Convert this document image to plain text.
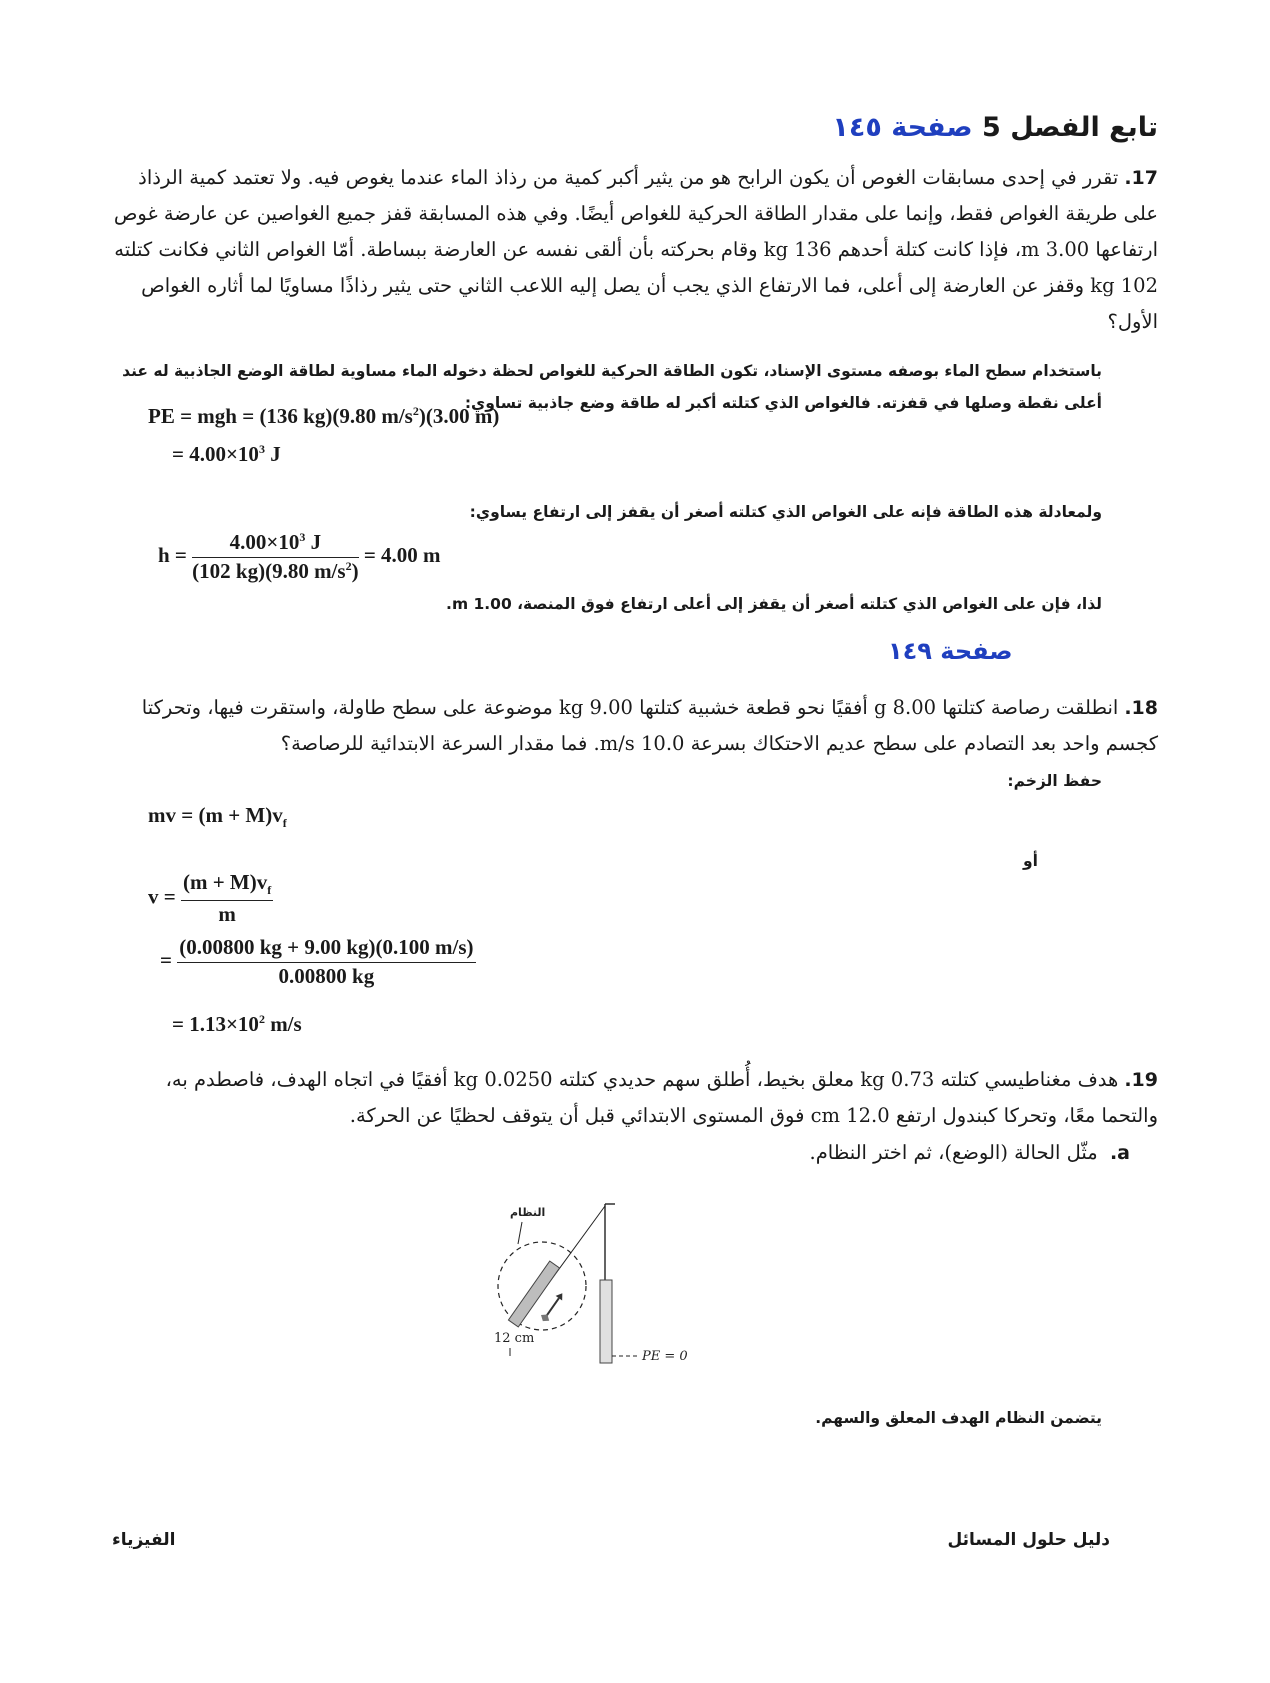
تابع الفصل 5 صفحة ١٤٥
17.تقرر في إحدى مسابقات الغوص أن يكون الرابح هو من يثير أكبر كمية من رذاذ الماء عندما يغوص فيه. ولا تعتمد كمية الرذاذ على طريقة الغواص فقط، وإنما على مقدار الطاقة الحركية للغواص أيضًا. وفي هذه المسابقة قفز جميع الغواصين عن عارضة غوص ارتفاعها 3.00 m، فإذا كانت كتلة أحدهم 136 kg وقام بحركته بأن ألقى نفسه عن العارضة ببساطة. أمّا الغواص الثاني فكانت كتلته 102 kg وقفز عن العارضة إلى أعلى، فما الارتفاع الذي يجب أن يصل إليه اللاعب الثاني حتى يثير رذاذًا مساويًا لما أثاره الغواص الأول؟
باستخدام سطح الماء بوصفه مستوى الإسناد، تكون الطاقة الحركية للغواص لحظة دخوله الماء مساوية لطاقة الوضع الجاذبية له عند أعلى نقطة وصلها في قفزته. فالغواص الذي كتلته أكبر له طاقة وضع جاذبية تساوي:
PE = mgh = (136 kg)(9.80 $m/s^2)(3.00$ m)
= $4.00\times 10^3$ J
ولمعادلة هذه الطاقة فإنه على الغواص الذي كتلته أصغر أن يقفز إلى ارتفاع يساوي:
$h = \frac{4.00\times 10^3 J}{(102 kg)(9.80 m/s^2)} = 4.00$ m
لذا، فإن على الغواص الذي كتلته أصغر أن يقفز إلى أعلى ارتفاع فوق المنصة، 1.00 m.
صفحة ١٤٩
18.انطلقت رصاصة كتلتها 8.00 g أفقيًا نحو قطعة خشبية كتلتها 9.00 kg موضوعة على سطح طاولة، واستقرت فيها، وتحركتا كجسم واحد بعد التصادم على سطح عديم الاحتكاك بسرعة 10.0 m/s. فما مقدار السرعة الابتدائية للرصاصة؟
حفظ الزخم:
mv = $(m + M)v_f$
أو
$v = \frac{(m + M)v_f}{m}$
= $\frac{(0.00800 kg + 9.00 kg)(0.100 m/s)}{0.00800 kg}$
= $1.13\times 10^2$ m/s
19.هدف مغناطيسي كتلته 0.73 kg معلق بخيط، أُطلق سهم حديدي كتلته 0.0250 kg أفقيًا في اتجاه الهدف، فاصطدم به، والتحما معًا، وتحركا كبندول ارتفع 12.0 cm فوق المستوى الابتدائي قبل أن يتوقف لحظيًا عن الحركة.
a. مثّل الحالة (الوضع)، ثم اختر النظام.
النظام
12 cm
PE = 0
يتضمن النظام الهدف المعلق والسهم.
الفيزياء	دليل حلول المسائل
